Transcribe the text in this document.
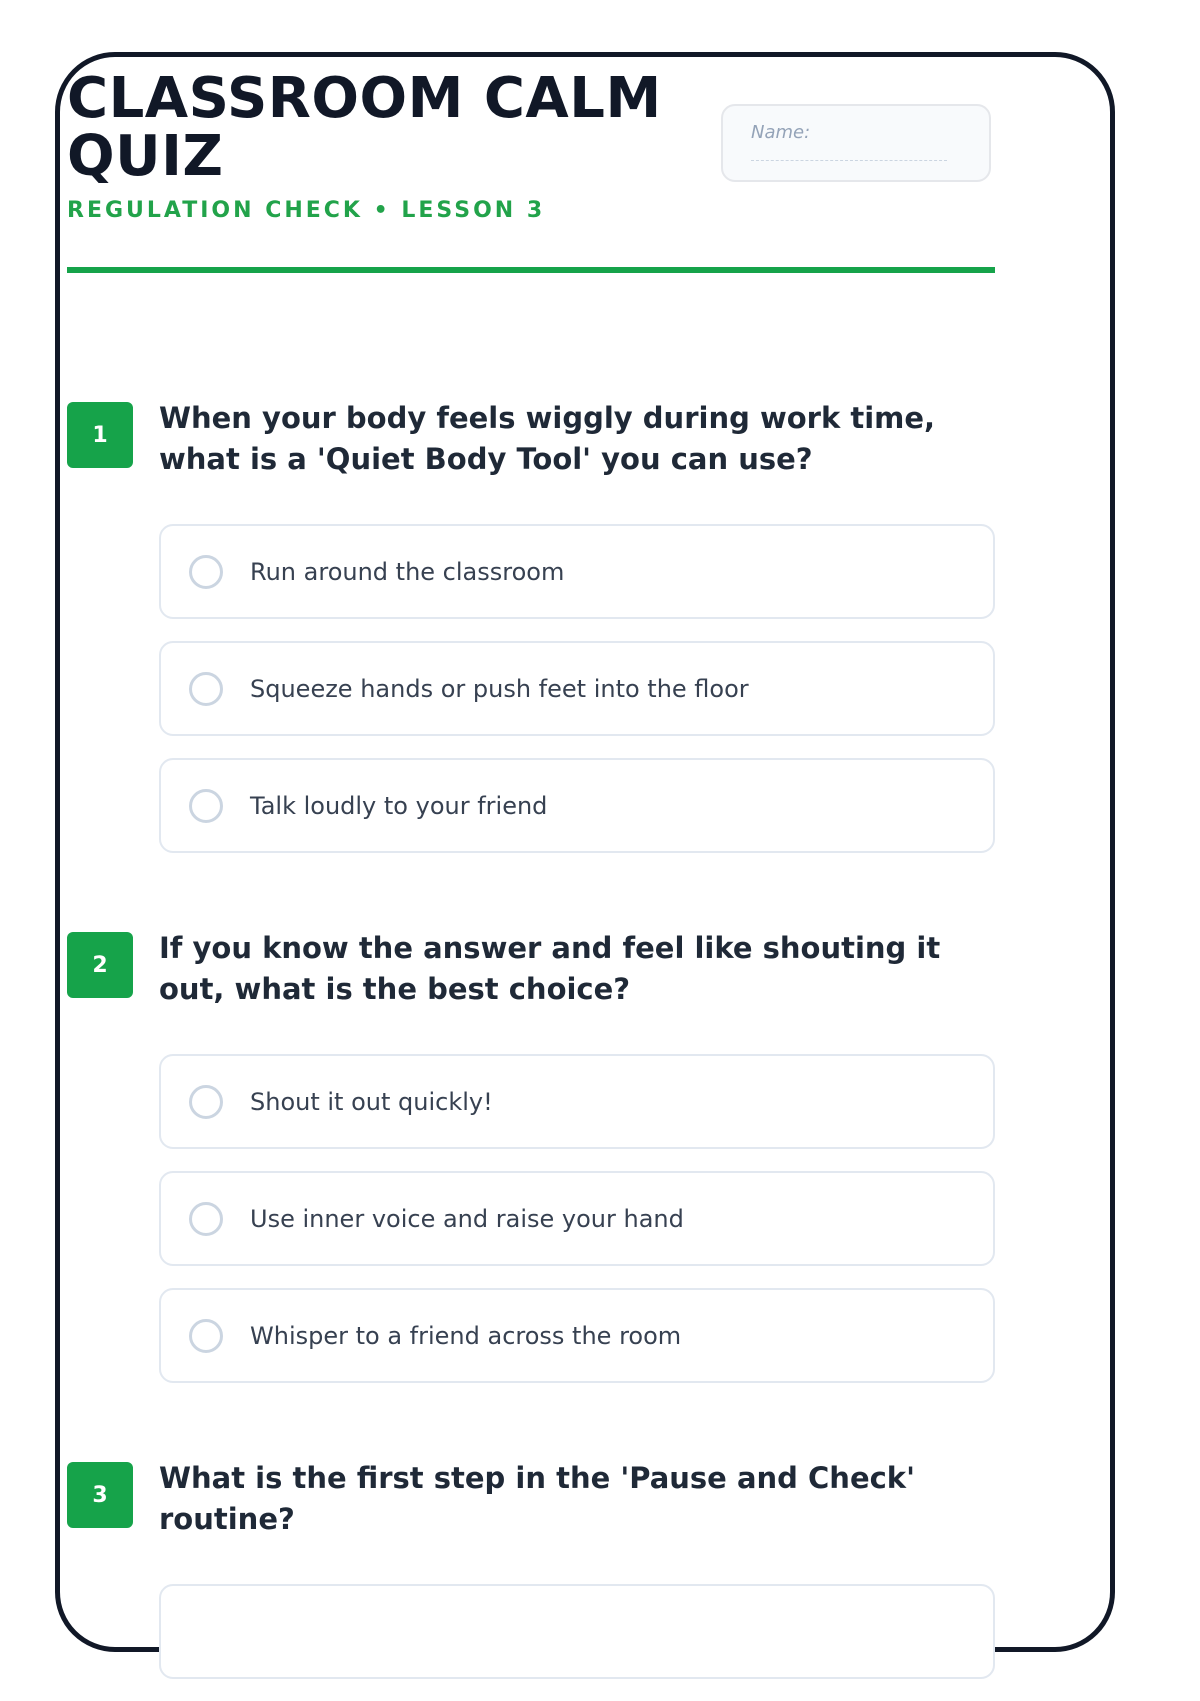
CLASSROOM CALM QUIZ
REGULATION CHECK • LESSON 3
Name:
1	When your body feels wiggly during work time, what is a 'Quiet Body Tool' you can use?
Run around the classroom
Squeeze hands or push feet into the floor
Talk loudly to your friend
2	If you know the answer and feel like shouting it out, what is the best choice?
Shout it out quickly!
Use inner voice and raise your hand
Whisper to a friend across the room
3	What is the first step in the 'Pause and Check' routine?
